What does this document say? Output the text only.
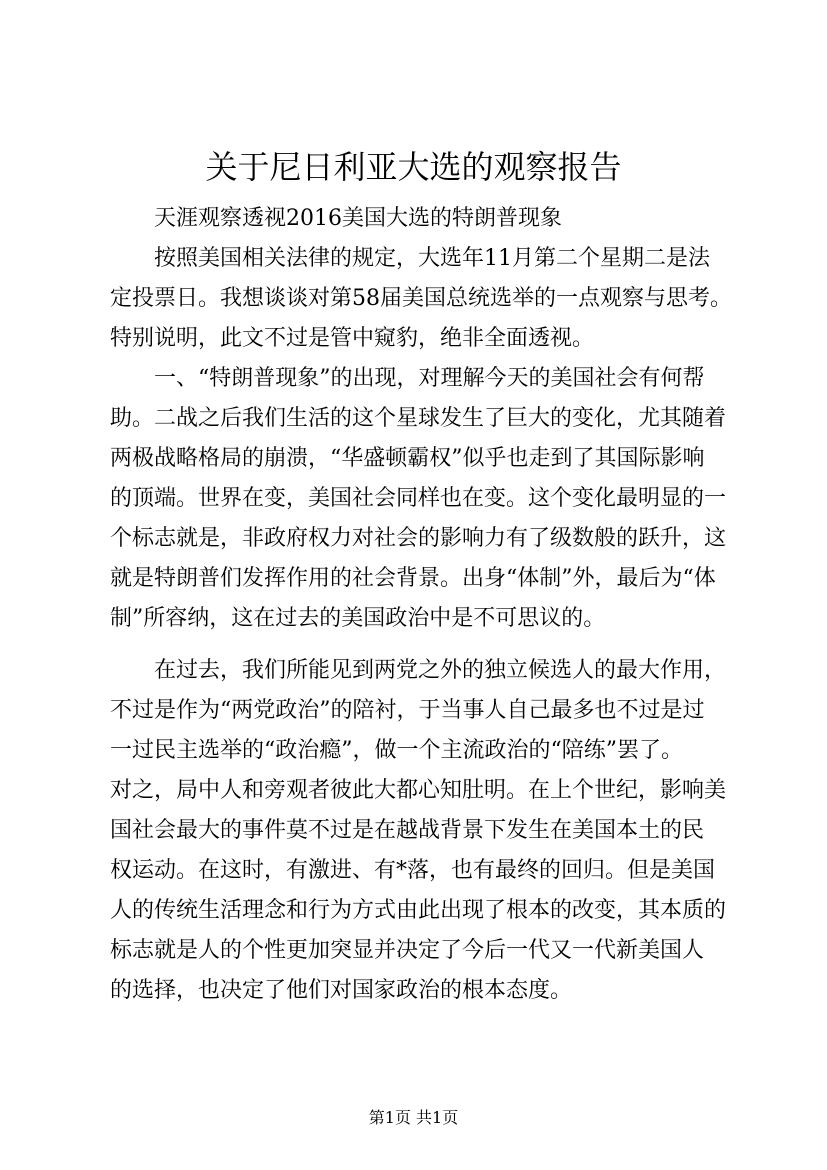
关于尼日利亚大选的观察报告
天涯观察透视2016美国大选的特朗普现象
按照美国相关法律的规定，大选年11月第二个星期二是法
定投票日。我想谈谈对第58届美国总统选举的一点观察与思考。
特别说明，此文不过是管中窥豹，绝非全面透视。
一、“特朗普现象”的出现，对理解今天的美国社会有何帮
助。二战之后我们生活的这个星球发生了巨大的变化，尤其随着
两极战略格局的崩溃，“华盛顿霸权”似乎也走到了其国际影响
的顶端。世界在变，美国社会同样也在变。这个变化最明显的一
个标志就是，非政府权力对社会的影响力有了级数般的跃升，这
就是特朗普们发挥作用的社会背景。出身“体制”外，最后为“体
制”所容纳，这在过去的美国政治中是不可思议的。
在过去，我们所能见到两党之外的独立候选人的最大作用，
不过是作为“两党政治”的陪衬，于当事人自己最多也不过是过
一过民主选举的“政治瘾”，做一个主流政治的“陪练”罢了。
对之，局中人和旁观者彼此大都心知肚明。在上个世纪，影响美
国社会最大的事件莫不过是在越战背景下发生在美国本土的民
权运动。在这时，有激进、有*落，也有最终的回归。但是美国
人的传统生活理念和行为方式由此出现了根本的改变，其本质的
标志就是人的个性更加突显并决定了今后一代又一代新美国人
的选择，也决定了他们对国家政治的根本态度。
第1页 共1页
